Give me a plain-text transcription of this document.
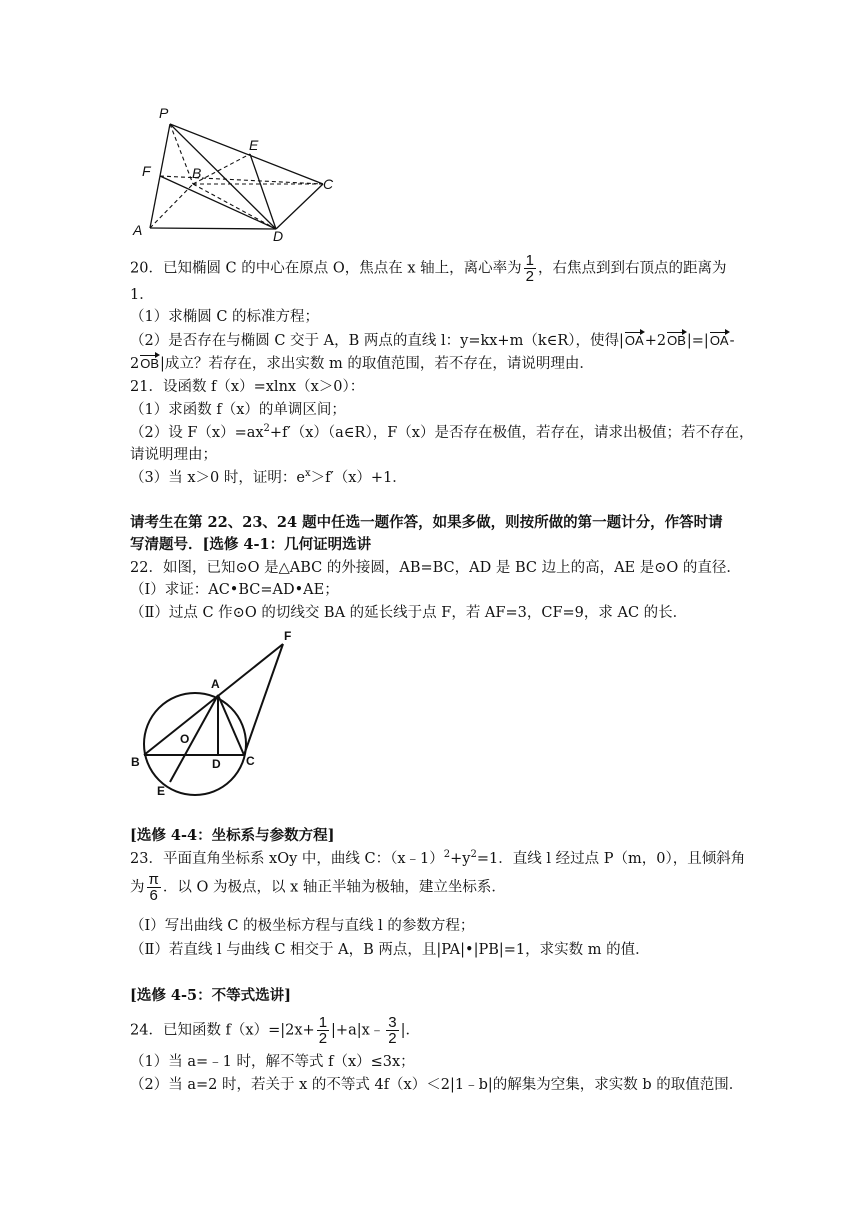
P
E
F	B
C
A	D
20．已知椭圆 C 的中心在原点 O，焦点在 x 轴上，离心率为 $\frac{1}{2}$ ，右焦点到到右顶点的距离为
1．
（1）求椭圆 C 的标准方程；
（2）是否存在与椭圆 C 交于 A，B 两点的直线 l：y=kx+m（k∈R），使得|OA+2OB|=|OA-
2OB|成立？若存在，求出实数 m 的取值范围，若不存在，请说明理由．
21．设函数 f（x）=xlnx（x＞0）：
（1）求函数 f（x）的单调区间；
（2）设 $F(x)=ax^2+f'(x)(a\in R)$，F（x）是否存在极值，若存在，请求出极值；若不存在，
请说明理由；
（3）当 x＞0 时，证明：$e^x>f'(x)+1$．
请考生在第 22、23、24 题中任选一题作答，如果多做，则按所做的第一题计分，作答时请
写清题号．[选修 4-1：几何证明选讲
22．如图，已知⊙O 是△ABC 的外接圆，AB=BC，AD 是 BC 边上的高，AE 是⊙O 的直径．
（Ⅰ）求证：AC•BC=AD•AE；
（Ⅱ）过点 C 作⊙O 的切线交 BA 的延长线于点 F，若 AF=3，CF=9，求 AC 的长．
F
A
O
B	D C
E
[选修 4-4：坐标系与参数方程]
23．平面直角坐标系 xOy 中，曲线 C：$(x﹣1)^2+y^2=1$．直线 l 经过点 P（m，0），且倾斜角
为 $\frac{\pi}{6}$ ．以 O 为极点，以 x 轴正半轴为极轴，建立坐标系．
（Ⅰ）写出曲线 C 的极坐标方程与直线 l 的参数方程；
（Ⅱ）若直线 l 与曲线 C 相交于 A，B 两点，且|PA|•|PB|=1，求实数 m 的值．
[选修 4-5：不等式选讲]
24．已知函数 $f(x)=|2x+ \frac{1}{2}$ |+a|x﹣ $\frac{3}{2}$ |．
（1）当 a=﹣1 时，解不等式 f（x）≤3x；
（2）当 a=2 时，若关于 x 的不等式 4f（x）＜2|1﹣b|的解集为空集，求实数 b 的取值范围．
